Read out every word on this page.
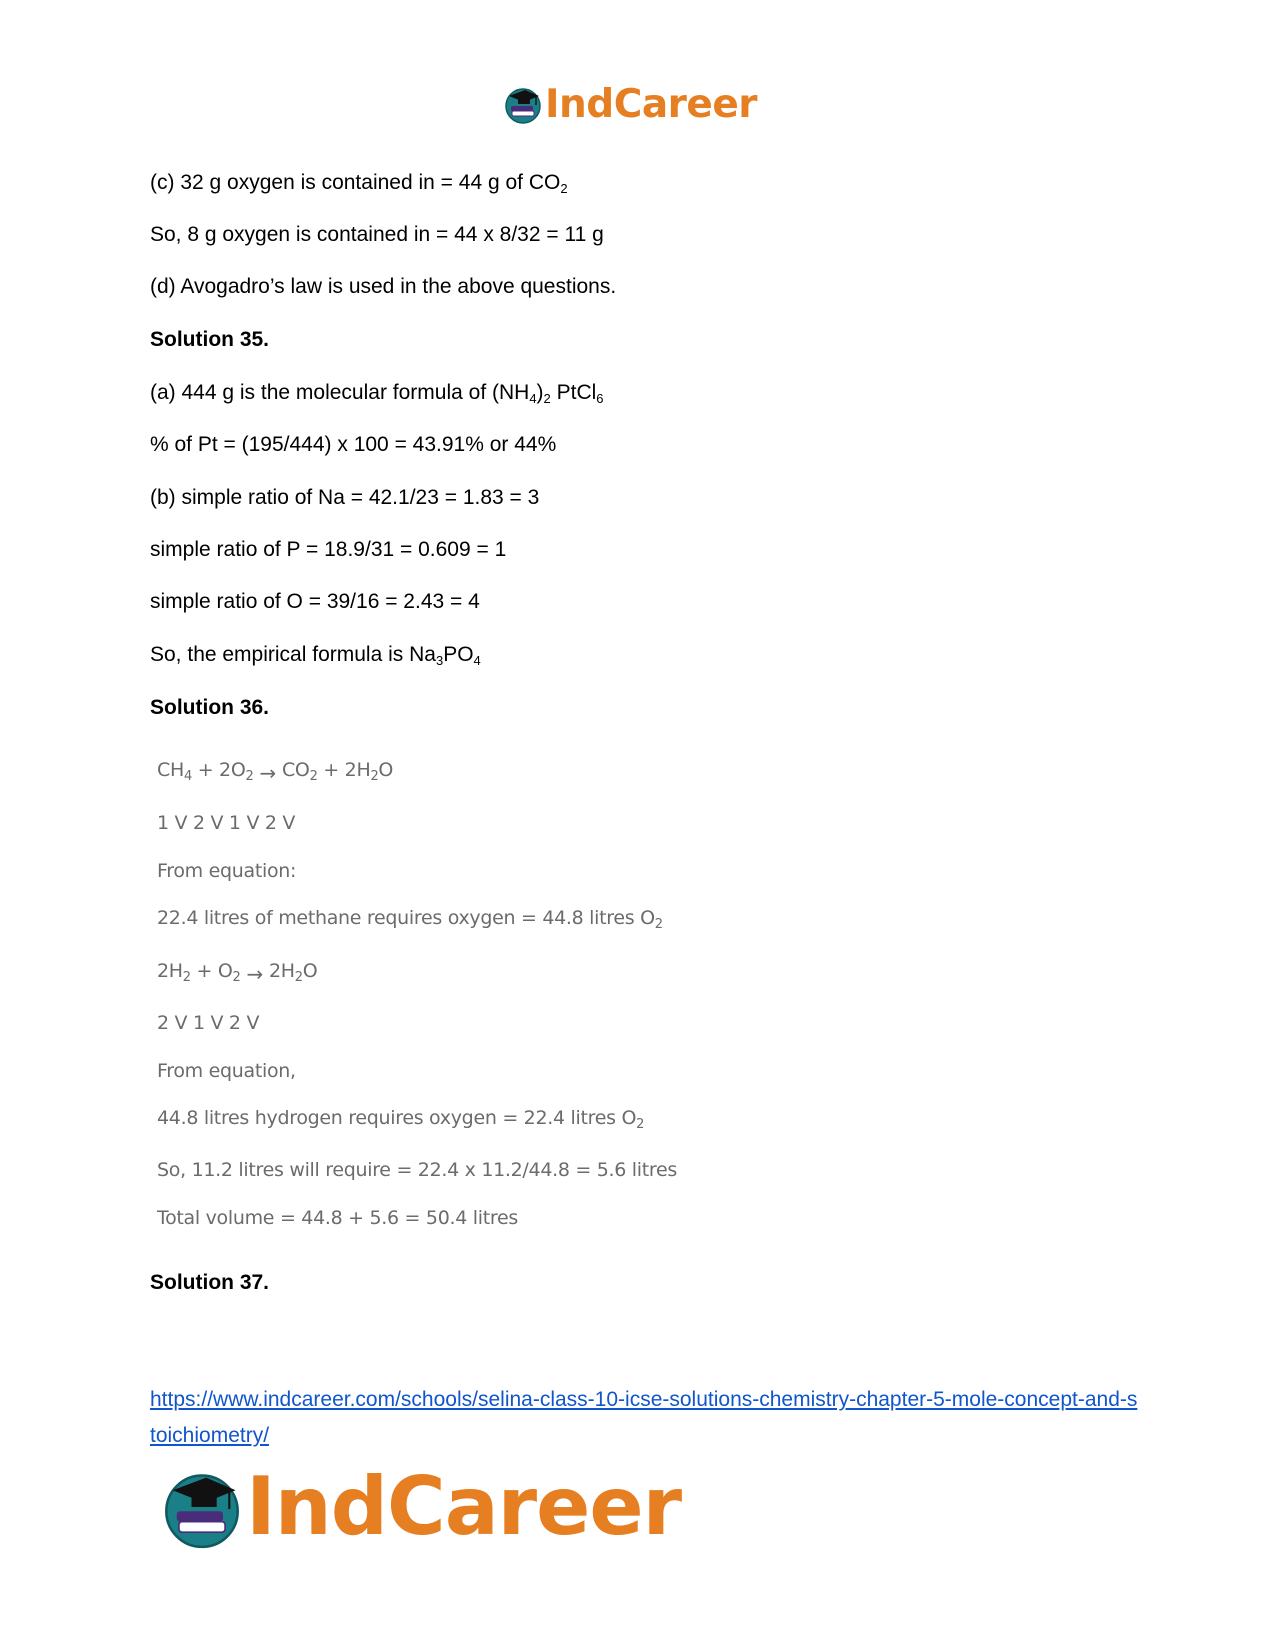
IndCareer
(c) 32 g oxygen is contained in = 44 g of $CO_2$
So, 8 g oxygen is contained in = 44 x 8/32 = 11 g
(d) Avogadro’s law is used in the above questions.
Solution 35.
(a) 444 g is the molecular formula of $(NH_4)_2$ PtCl$_6$
% of Pt = (195/444) x 100 = 43.91% or 44%
(b) simple ratio of Na = 42.1/23 = 1.83 = 3
simple ratio of P = 18.9/31 = 0.609 = 1
simple ratio of O = 39/16 = 2.43 = 4
So, the empirical formula is $Na_3PO_4$
Solution 36.
$CH_4 + 2O_2 \to CO_2 + 2H_2O$
1 V 2 V 1 V 2 V
From equation:
22.4 litres of methane requires oxygen = 44.8 litres $O_2$
$2H_2 + O_2 \to 2H_2O$
2 V 1 V 2 V
From equation,
44.8 litres hydrogen requires oxygen = 22.4 litres $O_2$
So, 11.2 litres will require = 22.4 x 11.2/44.8 = 5.6 litres
Total volume = 44.8 + 5.6 = 50.4 litres
Solution 37.
https://www.indcareer.com/schools/selina-class-10-icse-solutions-chemistry-chapter-5-mole-concept-and-stoichiometry/
IndCareer
